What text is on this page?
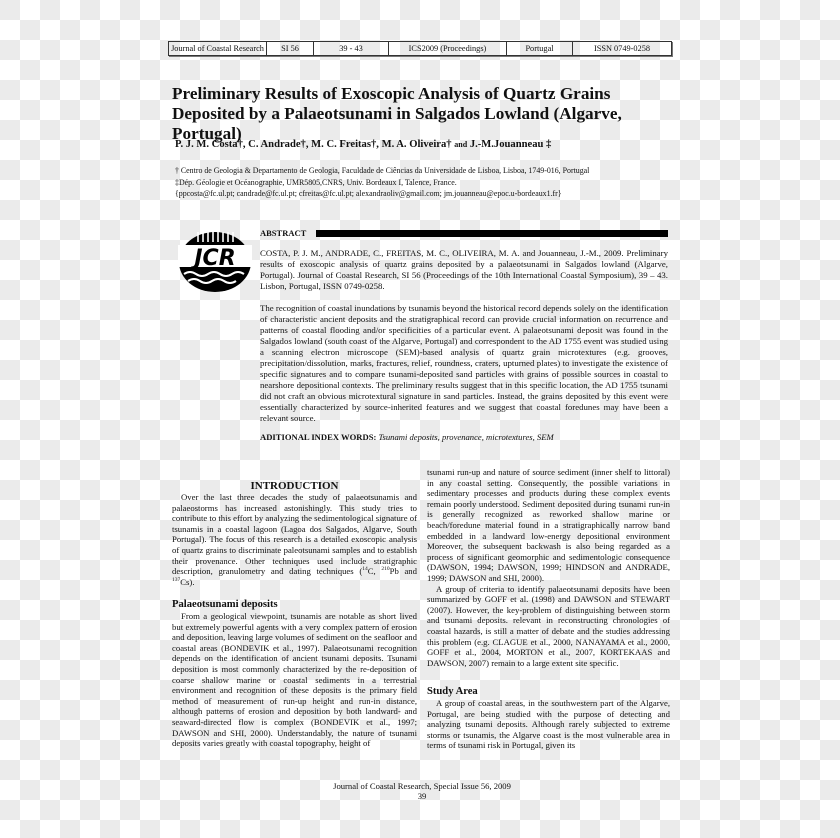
Journal of Coastal Research	SI 56	39 - 43	ICS2009 (Proceedings)	Portugal	ISSN 0749-0258
Preliminary Results of Exoscopic Analysis of Quartz Grains Deposited by a Palaeotsunami in Salgados Lowland (Algarve, Portugal)
P. J. M. Costa†, C. Andrade†, M. C. Freitas†, M. A. Oliveira† and J.-M.Jouanneau ‡
† Centro de Geologia & Departamento de Geologia, Faculdade de Ciências da Universidade de Lisboa, Lisboa, 1749-016, Portugal
‡Dép. Géologie et Océanographie, UMR5805,CNRS, Univ. Bordeaux I, Talence, France.
{ppcosta@fc.ul.pt; candrade@fc.ul.pt; cfreitas@fc.ul.pt; alexandraoliv@gmail.com; jm.jouanneau@epoc.u-bordeaux1.fr}
JCR
ABSTRACT
COSTA, P. J. M., ANDRADE, C., FREITAS, M. C., OLIVEIRA, M. A. and Jouanneau, J.-M., 2009. Preliminary results of exoscopic analysis of quartz grains deposited by a palaeotsunami in Salgados lowland (Algarve, Portugal). Journal of Coastal Research, SI 56 (Proceedings of the 10th International Coastal Symposium), 39 – 43. Lisbon, Portugal, ISSN 0749-0258.
The recognition of coastal inundations by tsunamis beyond the historical record depends solely on the identification of characteristic ancient deposits and the stratigraphical record can provide crucial information on recurrence and patterns of coastal flooding and/or specificities of a particular event. A palaeotsunami deposit was found in the Salgados lowland (south coast of the Algarve, Portugal) and correspondent to the AD 1755 event was studied using a scanning electron microscope (SEM)-based analysis of quartz grain microtextures (e.g. grooves, precipitation/dissolution, marks, fractures, relief, roundness, craters, upturned plates) to investigate the existence of specific signatures and to compare tsunami-deposited sand particles with grains of possible sources in coastal to nearshore depositional contexts. The preliminary results suggest that in this specific location, the AD 1755 tsunami did not craft an obvious microtextural signature in sand particles. Instead, the grains deposited by this event were essentially characterized by source-inherited features and we suggest that coastal foredunes may have been a relevant source.
ADITIONAL INDEX WORDS: Tsunami deposits, provenance, microtextures, SEM
INTRODUCTION

Over the last three decades the study of palaeotsunamis and palaeostorms has increased astonishingly. This study tries to contribute to this effort by analyzing the sedimentological signature of tsunamis in a coastal lagoon (Lagoa dos Salgados, Algarve, South Portugal). The focus of this research is a detailed exoscopic analysis of quartz grains to discriminate paleotsunami samples and to establish their provenance. Other techniques used include stratigraphic description, granulometry and dating techniques ($^{14}$C, $^{210}$Pb and $^{137}$Cs).

Palaeotsunami deposits

From a geological viewpoint, tsunamis are notable as short lived but extremely powerful agents with a very complex pattern of erosion and deposition, leaving large volumes of sediment on the seafloor and coastal areas (BONDEVIK et al., 1997). Palaeotsunami recognition depends on the identification of ancient tsunami deposits. Tsunami deposition is most commonly characterized by the re-deposition of coarse shallow marine or coastal sediments in a terrestrial environment and recognition of these deposits is the primary field method of measurement of run-up height and run-in distance, although patterns of erosion and deposition by both landward- and seaward-directed flow is complex (BONDEVIK et al., 1997; DAWSON and SHI, 2000). Understandably, the nature of tsunami deposits varies greatly with coastal topography, height of

tsunami run-up and nature of source sediment (inner shelf to littoral) in any coastal setting. Consequently, the possible variations in sedimentary processes and products during these complex events remain poorly understood. Sediment deposited during tsunami run-in is generally recognized as reworked shallow marine or beach/foredune material found in a stratigraphically narrow band embedded in a landward low-energy depositional environment Moreover, the subsequent backwash is also being regarded as a process of significant geomorphic and sedimentologic consequence (DAWSON, 1994; DAWSON, 1999; HINDSON and ANDRADE, 1999; DAWSON and SHI, 2000).

A group of criteria to identify palaeotsunami deposits have been summarized by GOFF et al. (1998) and DAWSON and STEWART (2007). However, the key-problem of distinguishing between storm and tsunami deposits. relevant in reconstructing chronologies of coastal hazards, is still a matter of debate and the studies addressing this problem (e.g. CLAGUE et al., 2000, NANAYAMA et al., 2000, GOFF et al., 2004, MORTON et al., 2007, KORTEKAAS and DAWSON, 2007) remain to a large extent site specific.

Study Area

A group of coastal areas, in the southwestern part of the Algarve, Portugal, are being studied with the purpose of detecting and analyzing tsunami deposits. Although rarely subjected to extreme storms or tsunamis, the Algarve coast is the most vulnerable area in terms of tsunami risk in Portugal, given its

Journal of Coastal Research, Special Issue 56, 2009
39
